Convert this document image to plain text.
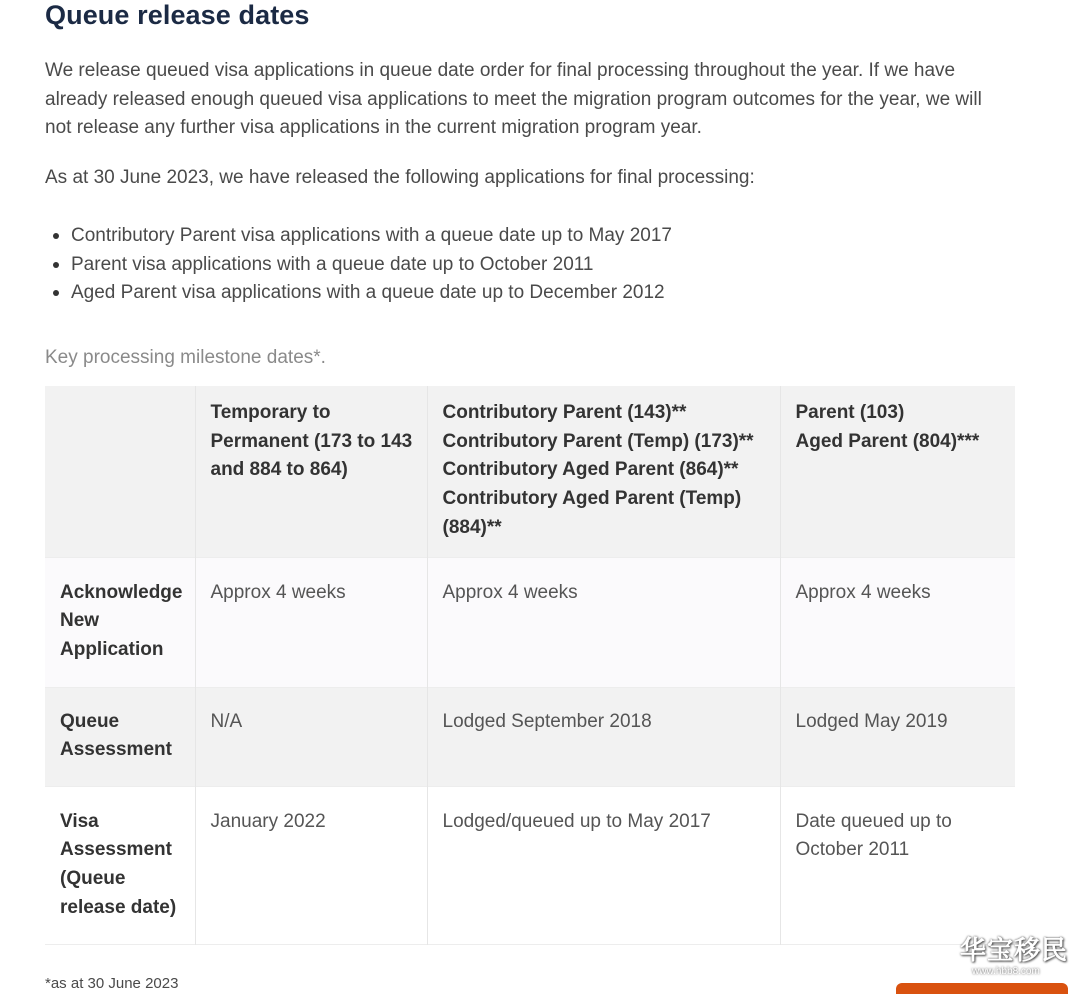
Queue release dates

We release queued visa applications in queue date order for final processing throughout the year. If we have already released enough queued visa applications to meet the migration program outcomes for the year, we will not release any further visa applications in the current migration program year.

As at 30 June 2023, we have released the following applications for final processing:

Contributory Parent visa applications with a queue date up to May 2017
Parent visa applications with a queue date up to October 2011
Aged Parent visa applications with a queue date up to December 2012

Key processing milestone dates*.

	Temporary to Permanent (173 to 143 and 884 to 864)	Contributory Parent (143)**
Contributory Parent (Temp) (173)**
Contributory Aged Parent (864)**
Contributory Aged Parent (Temp) (884)**	Parent (103)
Aged Parent (804)***

Acknowledge New Application	Approx 4 weeks	Approx 4 weeks	Approx 4 weeks
Queue Assessment	N/A	Lodged September 2018	Lodged May 2019
Visa Assessment (Queue release date)	January 2022	Lodged/queued up to May 2017	Date queued up to October 2011

*as at 30 June 2023

华宝移民
www.hbb8.com
